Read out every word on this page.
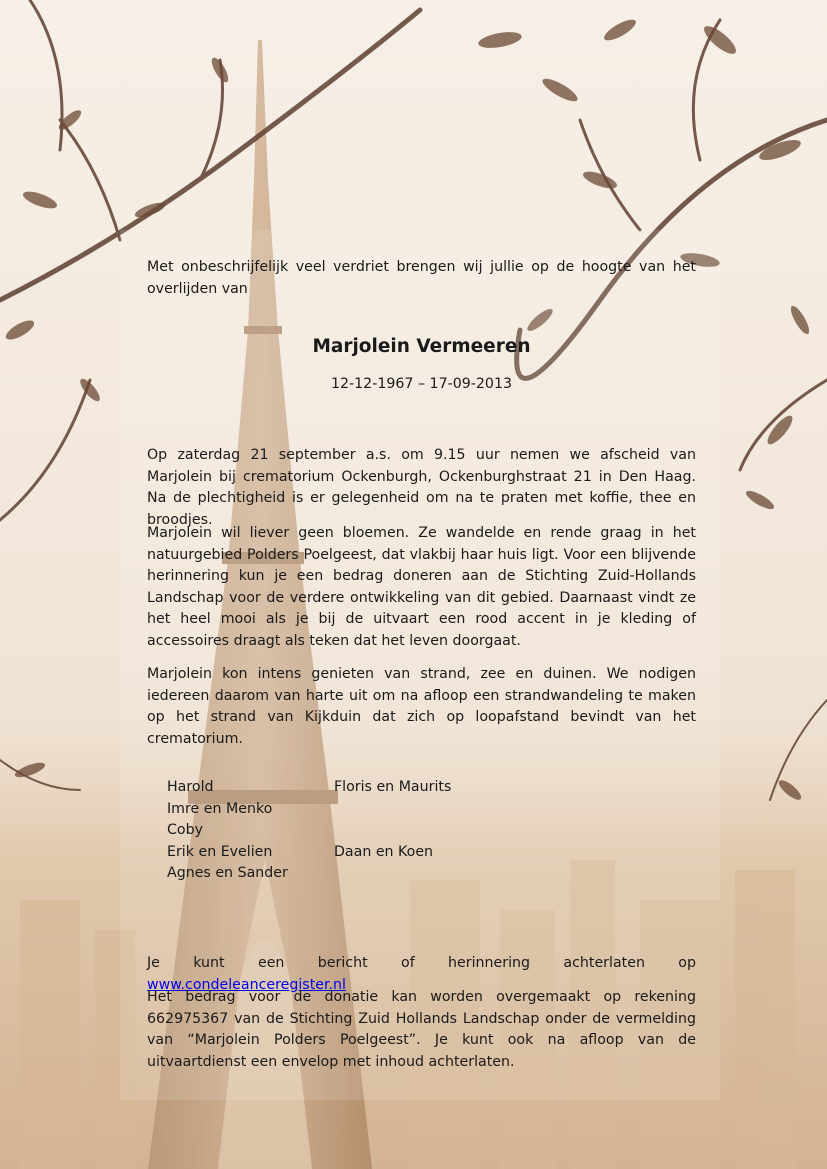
Met onbeschrijfelijk veel verdriet brengen wij jullie op de hoogte van het overlijden van

Marjolein Vermeeren

12-12-1967 – 17-09-2013

Op zaterdag 21 september a.s. om 9.15 uur nemen we afscheid van Marjolein bij crematorium Ockenburgh, Ockenburghstraat 21 in Den Haag. Na de plechtigheid is er gelegenheid om na te praten met koffie, thee en broodjes.

Marjolein wil liever geen bloemen. Ze wandelde en rende graag in het natuurgebied Polders Poelgeest, dat vlakbij haar huis ligt. Voor een blijvende herinnering kun je een bedrag doneren aan de Stichting Zuid-Hollands Landschap voor de verdere ontwikkeling van dit gebied. Daarnaast vindt ze het heel mooi als je bij de uitvaart een rood accent in je kleding of accessoires draagt als teken dat het leven doorgaat.

Marjolein kon intens genieten van strand, zee en duinen. We nodigen iedereen daarom van harte uit om na afloop een strandwandeling te maken op het strand van Kijkduin dat zich op loopafstand bevindt van het crematorium.

Harold	Floris en Maurits
Imre en Menko
Coby
Erik en Evelien	Daan en Koen
Agnes en Sander

Je kunt een bericht of herinnering achterlaten op www.condeleanceregister.nl

Het bedrag voor de donatie kan worden overgemaakt op rekening 662975367 van de Stichting Zuid Hollands Landschap onder de vermelding van “Marjolein Polders Poelgeest”. Je kunt ook na afloop van de uitvaartdienst een envelop met inhoud achterlaten.
